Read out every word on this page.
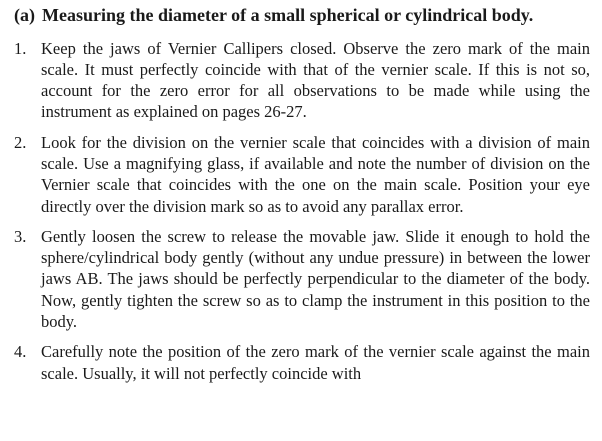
(a) Measuring the diameter of a small spherical or cylindrical body.
1. Keep the jaws of Vernier Callipers closed. Observe the zero mark of the main scale. It must perfectly coincide with that of the vernier scale. If this is not so, account for the zero error for all observations to be made while using the instrument as explained on pages 26-27.
2. Look for the division on the vernier scale that coincides with a division of main scale. Use a magnifying glass, if available and note the number of division on the Vernier scale that coincides with the one on the main scale. Position your eye directly over the division mark so as to avoid any parallax error.
3. Gently loosen the screw to release the movable jaw. Slide it enough to hold the sphere/cylindrical body gently (without any undue pressure) in between the lower jaws AB. The jaws should be perfectly perpendicular to the diameter of the body. Now, gently tighten the screw so as to clamp the instrument in this position to the body.
4. Carefully note the position of the zero mark of the vernier scale against the main scale. Usually, it will not perfectly coincide with
